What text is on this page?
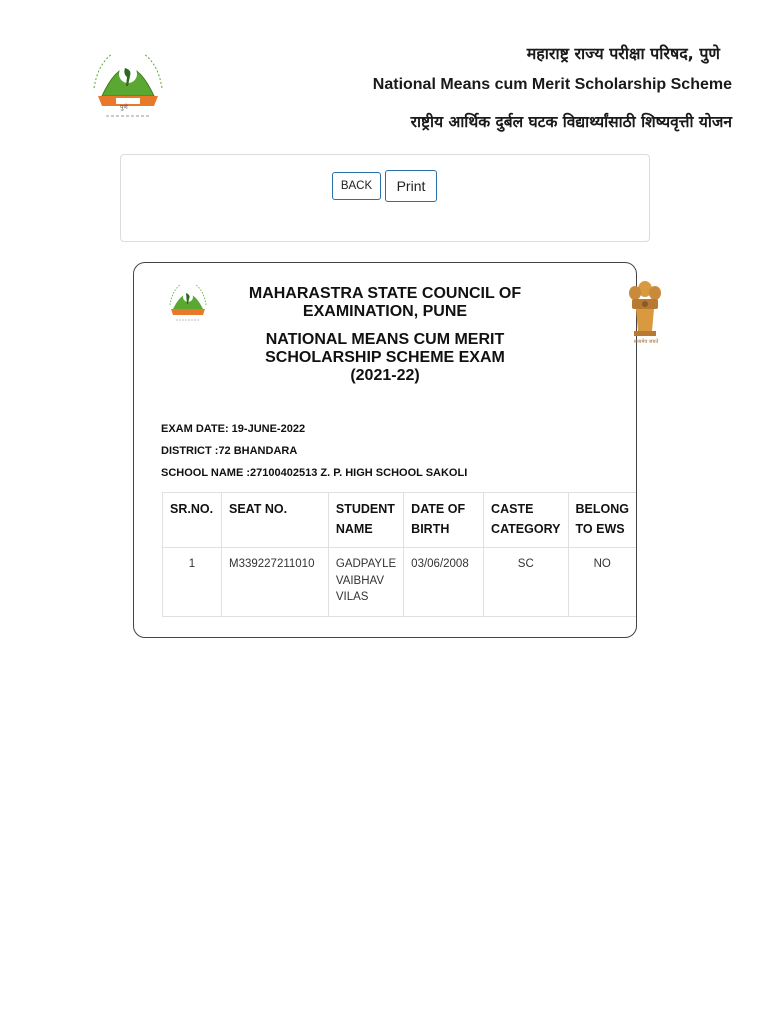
पुणे
महाराष्ट्र राज्य परीक्षा परिषद, पुणे
National Means cum Merit Scholarship Scheme
राष्ट्रीय आर्थिक दुर्बल घटक विद्यार्थ्यांसाठी शिष्यवृत्ती योजन
BACK	Print

MAHARASTRA STATE COUNCIL OF

EXAMINATION, PUNE

NATIONAL MEANS CUM MERIT

SCHOLARSHIP SCHEME EXAM

(2021-22)

सत्यमेव जयते
EXAM DATE: 19-JUNE-2022
DISTRICT :72 BHANDARA
SCHOOL NAME :27100402513 Z. P. HIGH SCHOOL SAKOLI
SR.NO.	SEAT NO.	STUDENT
NAME	DATE OF
BIRTH	CASTE
CATEGORY	BELONG
TO EWS
1	M339227211010	GADPAYLE
VAIBHAV
VILAS	03/06/2008	SC	NO
